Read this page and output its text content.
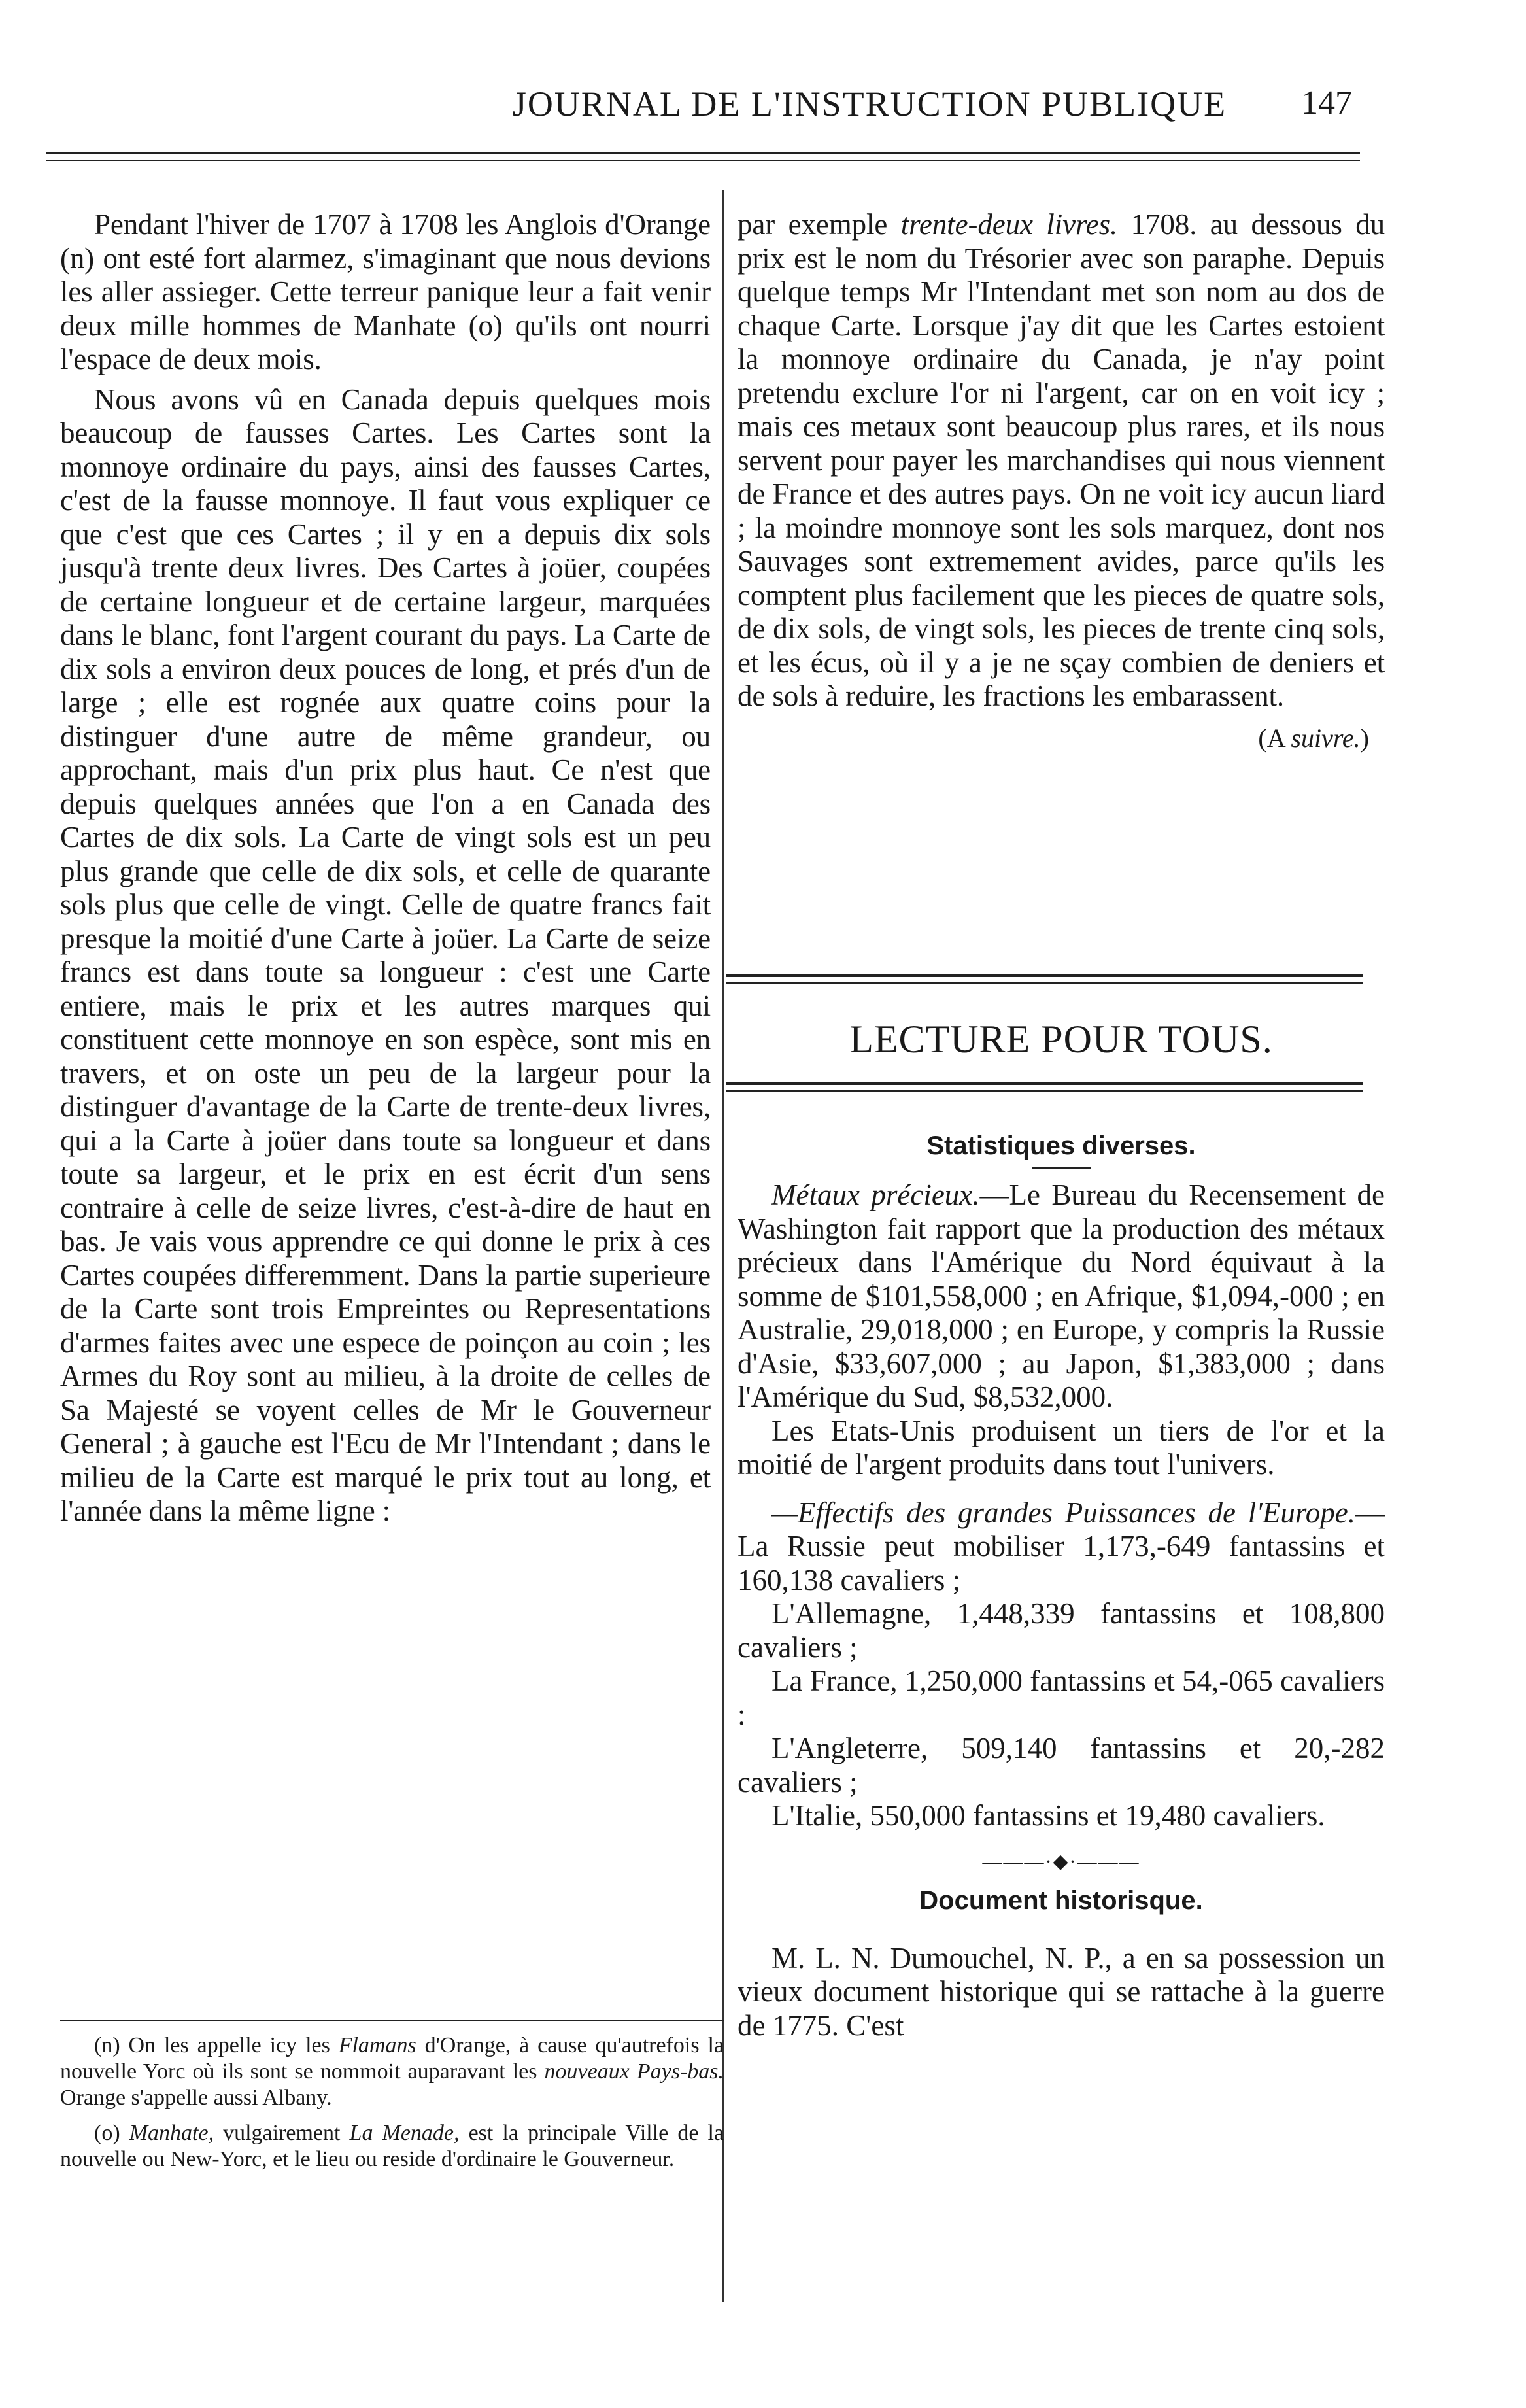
JOURNAL DE L'INSTRUCTION PUBLIQUE	147

Pendant l'hiver de 1707 à 1708 les Anglois d'Orange (n) ont esté fort alarmez, s'imaginant que nous devions les aller assieger. Cette terreur panique leur a fait venir deux mille hommes de Manhate (o) qu'ils ont nourri l'espace de deux mois.

Nous avons vû en Canada depuis quelques mois beaucoup de fausses Cartes. Les Cartes sont la monnoye ordinaire du pays, ainsi des fausses Cartes, c'est de la fausse monnoye. Il faut vous expliquer ce que c'est que ces Cartes ; il y en a depuis dix sols jusqu'à trente deux livres. Des Cartes à joüer, coupées de certaine longueur et de certaine largeur, marquées dans le blanc, font l'argent courant du pays. La Carte de dix sols a environ deux pouces de long, et prés d'un de large ; elle est rognée aux quatre coins pour la distinguer d'une autre de même grandeur, ou approchant, mais d'un prix plus haut. Ce n'est que depuis quelques années que l'on a en Canada des Cartes de dix sols. La Carte de vingt sols est un peu plus grande que celle de dix sols, et celle de quarante sols plus que celle de vingt. Celle de quatre francs fait presque la moitié d'une Carte à joüer. La Carte de seize francs est dans toute sa longueur : c'est une Carte entiere, mais le prix et les autres marques qui constituent cette monnoye en son espèce, sont mis en travers, et on oste un peu de la largeur pour la distinguer d'avantage de la Carte de trente-deux livres, qui a la Carte à joüer dans toute sa longueur et dans toute sa largeur, et le prix en est écrit d'un sens contraire à celle de seize livres, c'est-à-dire de haut en bas. Je vais vous apprendre ce qui donne le prix à ces Cartes coupées differemment. Dans la partie superieure de la Carte sont trois Empreintes ou Representations d'armes faites avec une espece de poinçon au coin ; les Armes du Roy sont au milieu, à la droite de celles de Sa Majesté se voyent celles de Mr le Gouverneur General ; à gauche est l'Ecu de Mr l'Intendant ; dans le milieu de la Carte est marqué le prix tout au long, et l'année dans la même ligne :

(n) On les appelle icy les Flamans d'Orange, à cause qu'autrefois la nouvelle Yorc où ils sont se nommoit auparavant les nouveaux Pays-bas. Orange s'appelle aussi Albany.

(o) Manhate, vulgairement La Menade, est la principale Ville de la nouvelle ou New-Yorc, et le lieu ou reside d'ordinaire le Gouverneur.

par exemple trente-deux livres. 1708. au dessous du prix est le nom du Trésorier avec son paraphe. Depuis quelque temps Mr l'Intendant met son nom au dos de chaque Carte. Lorsque j'ay dit que les Cartes estoient la monnoye ordinaire du Canada, je n'ay point pretendu exclure l'or ni l'argent, car on en voit icy ; mais ces metaux sont beaucoup plus rares, et ils nous servent pour payer les marchandises qui nous viennent de France et des autres pays. On ne voit icy aucun liard ; la moindre monnoye sont les sols marquez, dont nos Sauvages sont extremement avides, parce qu'ils les comptent plus facilement que les pieces de quatre sols, de dix sols, de vingt sols, les pieces de trente cinq sols, et les écus, où il y a je ne sçay combien de deniers et de sols à reduire, les fractions les embarassent.

(A suivre.)
LECTURE POUR TOUS.
Statistiques diverses.

Métaux précieux.—Le Bureau du Recensement de Washington fait rapport que la production des métaux précieux dans l'Amérique du Nord équivaut à la somme de $101,558,000 ; en Afrique, $1,094,-000 ; en Australie, 29,018,000 ; en Europe, y compris la Russie d'Asie, $33,607,000 ; au Japon, $1,383,000 ; dans l'Amérique du Sud, $8,532,000.

Les Etats-Unis produisent un tiers de l'or et la moitié de l'argent produits dans tout l'univers.

—Effectifs des grandes Puissances de l'Europe.—La Russie peut mobiliser 1,173,-649 fantassins et 160,138 cavaliers ;

L'Allemagne, 1,448,339 fantassins et 108,800 cavaliers ;

La France, 1,250,000 fantassins et 54,-065 cavaliers :

L'Angleterre, 509,140 fantassins et 20,-282 cavaliers ;

L'Italie, 550,000 fantassins et 19,480 cavaliers.

———·◆·———
Document historisque.

M. L. N. Dumouchel, N. P., a en sa possession un vieux document historique qui se rattache à la guerre de 1775. C'est
